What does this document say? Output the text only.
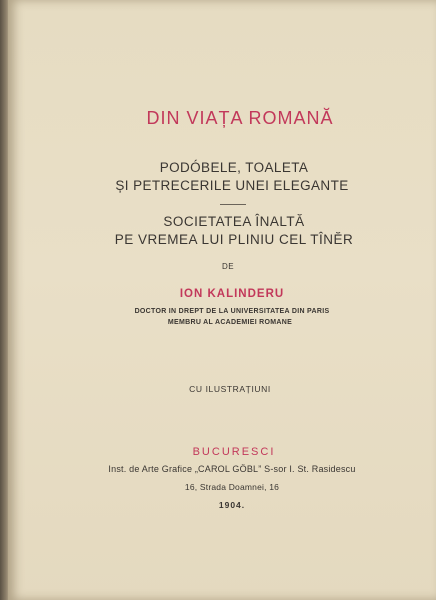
DIN VIAȚA ROMANĂ
PODÓBELE, TOALETA
ȘI PETRECERILE UNEI ELEGANTE
SOCIETATEA ÎNALTĂ
PE VREMEA LUI PLINIU CEL TÎNĔR
DE
ION KALINDERU
DOCTOR IN DREPT DE LA UNIVERSITATEA DIN PARIS
MEMBRU AL ACADEMIEI ROMANE
CU ILUSTRAȚIUNI
BUCURESCI
Inst. de Arte Grafice „CAROL GÖBL” S-sor I. St. Rasidescu
16, Strada Doamnei, 16
1904.
